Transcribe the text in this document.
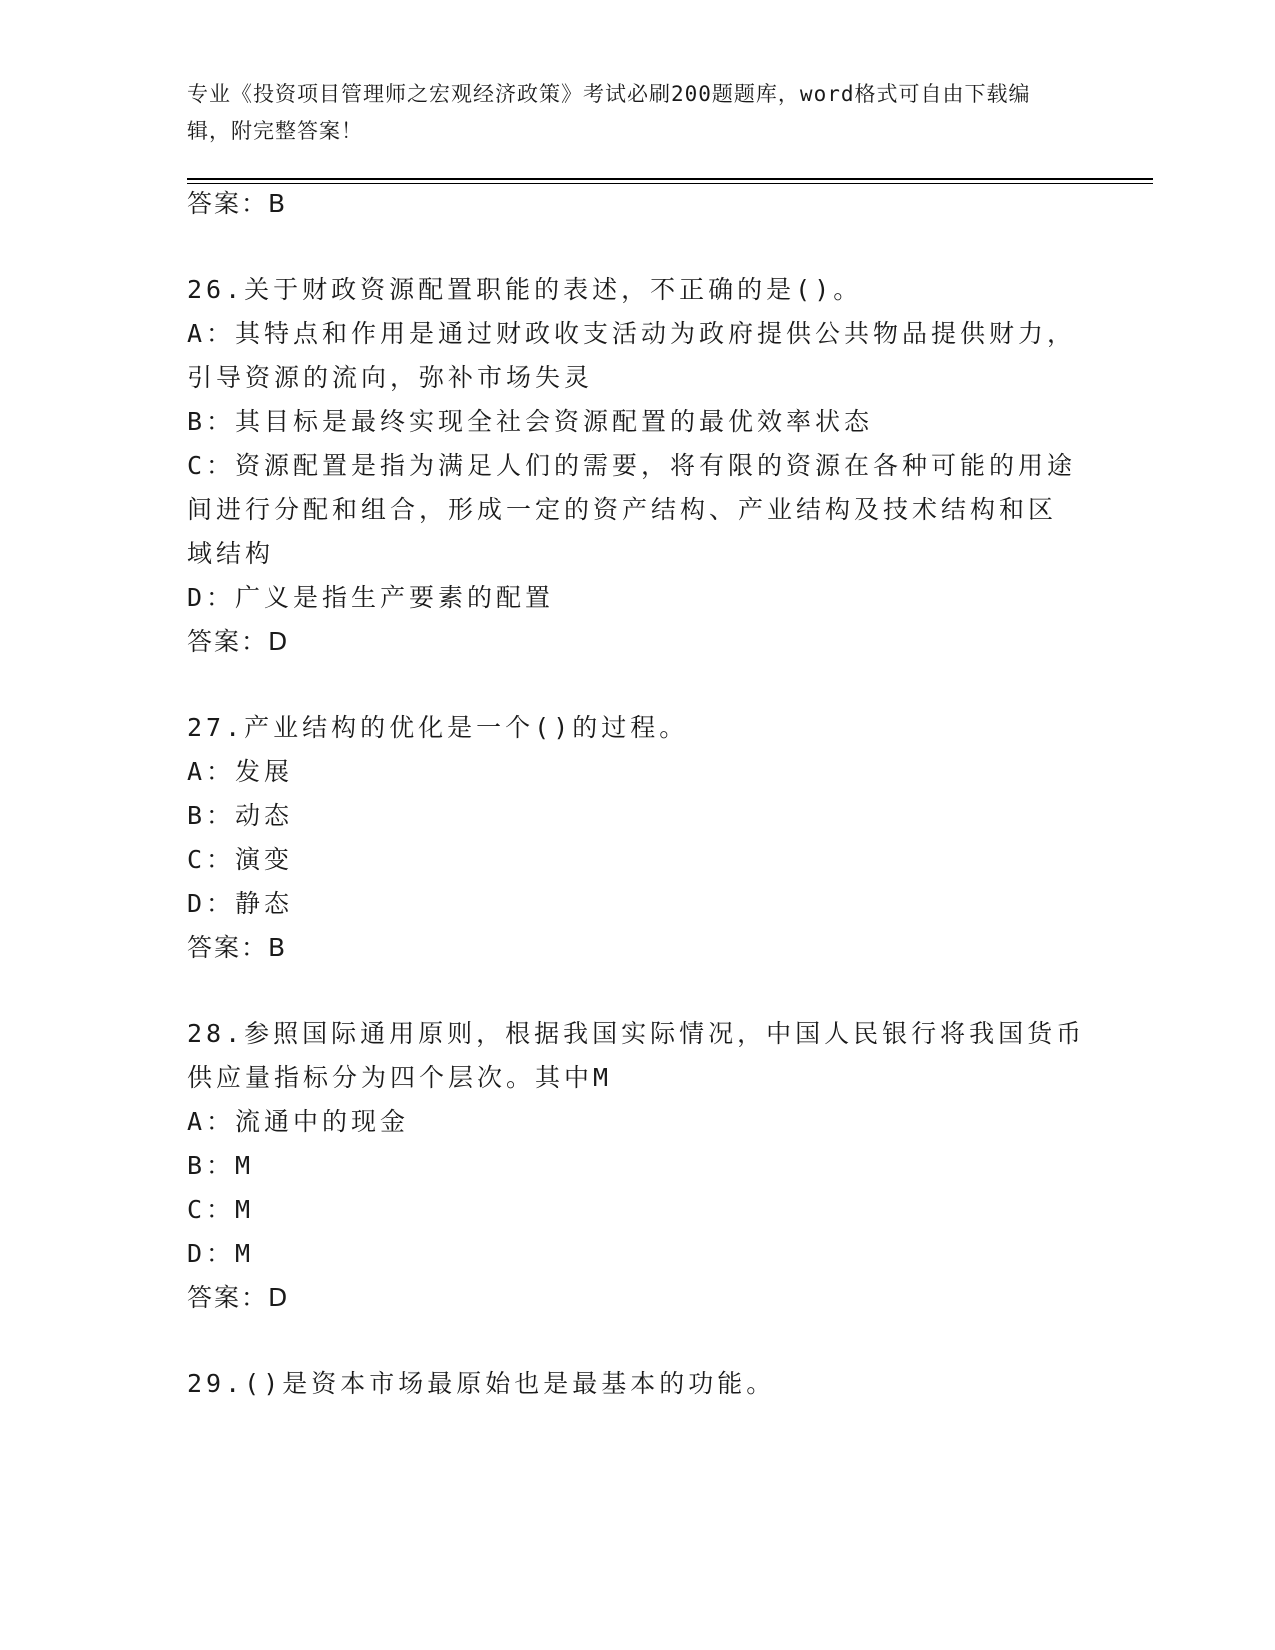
专业《投资项目管理师之宏观经济政策》考试必刷200题题库，word格式可自由下载编辑，附完整答案！
答案：B
26.关于财政资源配置职能的表述，不正确的是()。
A：其特点和作用是通过财政收支活动为政府提供公共物品提供财力，
引导资源的流向，弥补市场失灵
B：其目标是最终实现全社会资源配置的最优效率状态
C：资源配置是指为满足人们的需要，将有限的资源在各种可能的用途
间进行分配和组合，形成一定的资产结构、产业结构及技术结构和区
域结构
D：广义是指生产要素的配置
答案：D
27.产业结构的优化是一个()的过程。
A：发展
B：动态
C：演变
D：静态
答案：B
28.参照国际通用原则，根据我国实际情况，中国人民银行将我国货币
供应量指标分为四个层次。其中M
A：流通中的现金
B：M
C：M
D：M
答案：D
29.()是资本市场最原始也是最基本的功能。
